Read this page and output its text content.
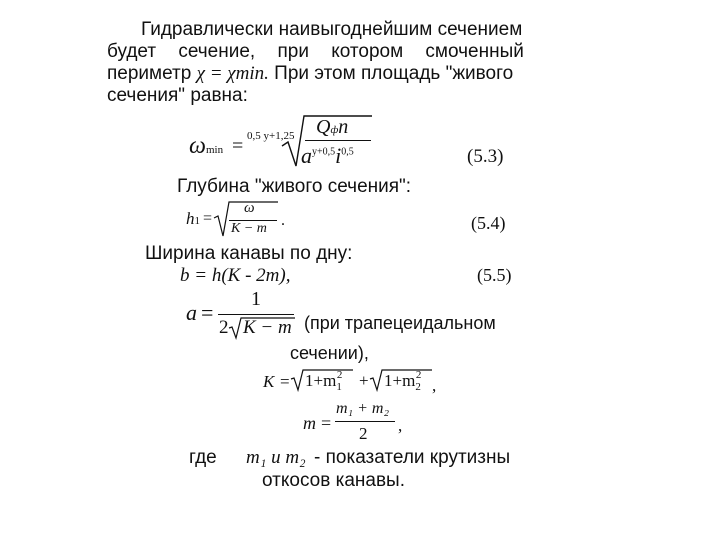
Гидравлически наивыгоднейшим сечением
будет сечение, при котором смоченный
периметр χ = χmin. При этом площадь "живого
сечения" равна:
ωmin = 0,5 y+1,25 Qфn
$a^{y+0,5}i^{0,5}$	(5.3)
Глубина "живого сечения":
h1 =
ω
K − m .	(5.4)
Ширина канавы по дну:
b = h(K - 2m),	(5.5)
a =
1
2 K − m (при трапецеидальном
сечении),
$K = 1+m_1^2 + 1+m_2^2$
,
m =
m₁ + m₂
2 ,
где m₁ и m₂ - показатели крутизны
откосов канавы.
